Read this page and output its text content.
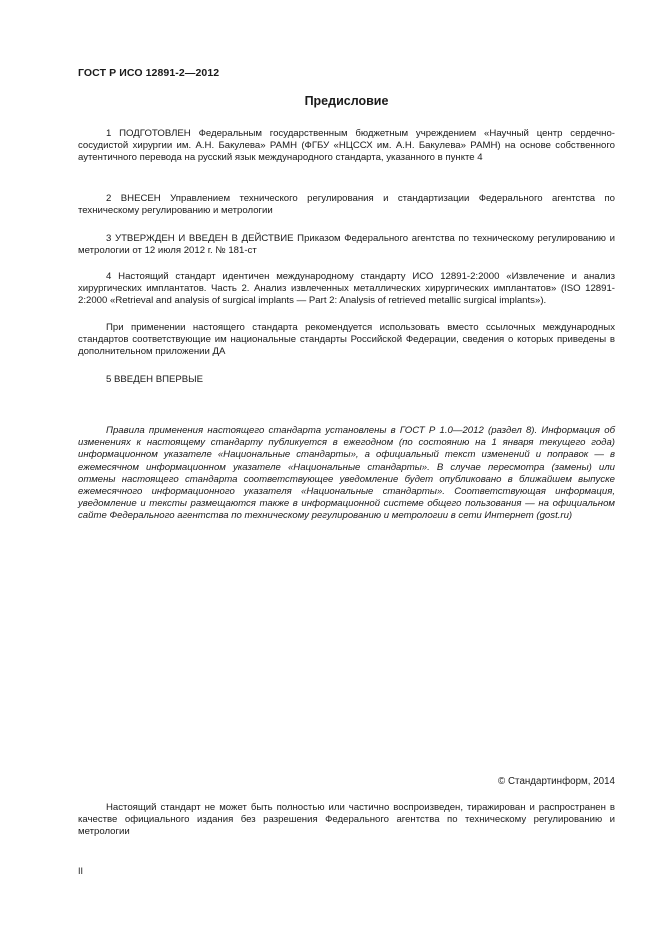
ГОСТ Р ИСО 12891-2—2012
Предисловие

1 ПОДГОТОВЛЕН Федеральным государственным бюджетным учреждением «Научный центр сердечно-сосудистой хирургии им. А.Н. Бакулева» РАМН (ФГБУ «НЦССХ им. А.Н. Бакулева» РАМН) на основе собственного аутентичного перевода на русский язык международного стандарта, указанного в пункте 4

2 ВНЕСЕН Управлением технического регулирования и стандартизации Федерального агентства по техническому регулированию и метрологии

3 УТВЕРЖДЕН И ВВЕДЕН В ДЕЙСТВИЕ Приказом Федерального агентства по техническому регулированию и метрологии от 12 июля 2012 г. № 181-ст

4 Настоящий стандарт идентичен международному стандарту ИСО 12891-2:2000 «Извлечение и анализ хирургических имплантатов. Часть 2. Анализ извлеченных металлических хирургических имплантатов» (ISO 12891-2:2000 «Retrieval and analysis of surgical implants — Part 2: Analysis of retrieved metallic surgical implants»).

При применении настоящего стандарта рекомендуется использовать вместо ссылочных международных стандартов соответствующие им национальные стандарты Российской Федерации, сведения о которых приведены в дополнительном приложении ДА

5 ВВЕДЕН ВПЕРВЫЕ

Правила применения настоящего стандарта установлены в ГОСТ Р 1.0—2012 (раздел 8). Информация об изменениях к настоящему стандарту публикуется в ежегодном (по состоянию на 1 января текущего года) информационном указателе «Национальные стандарты», а официальный текст изменений и поправок — в ежемесячном информационном указателе «Национальные стандарты». В случае пересмотра (замены) или отмены настоящего стандарта соответствующее уведомление будет опубликовано в ближайшем выпуске ежемесячного информационного указателя «Национальные стандарты». Соответствующая информация, уведомление и тексты размещаются также в информационной системе общего пользования — на официальном сайте Федерального агентства по техническому регулированию и метрологии в сети Интернет (gost.ru)

© Стандартинформ, 2014

Настоящий стандарт не может быть полностью или частично воспроизведен, тиражирован и распространен в качестве официального издания без разрешения Федерального агентства по техническому регулированию и метрологии

II
